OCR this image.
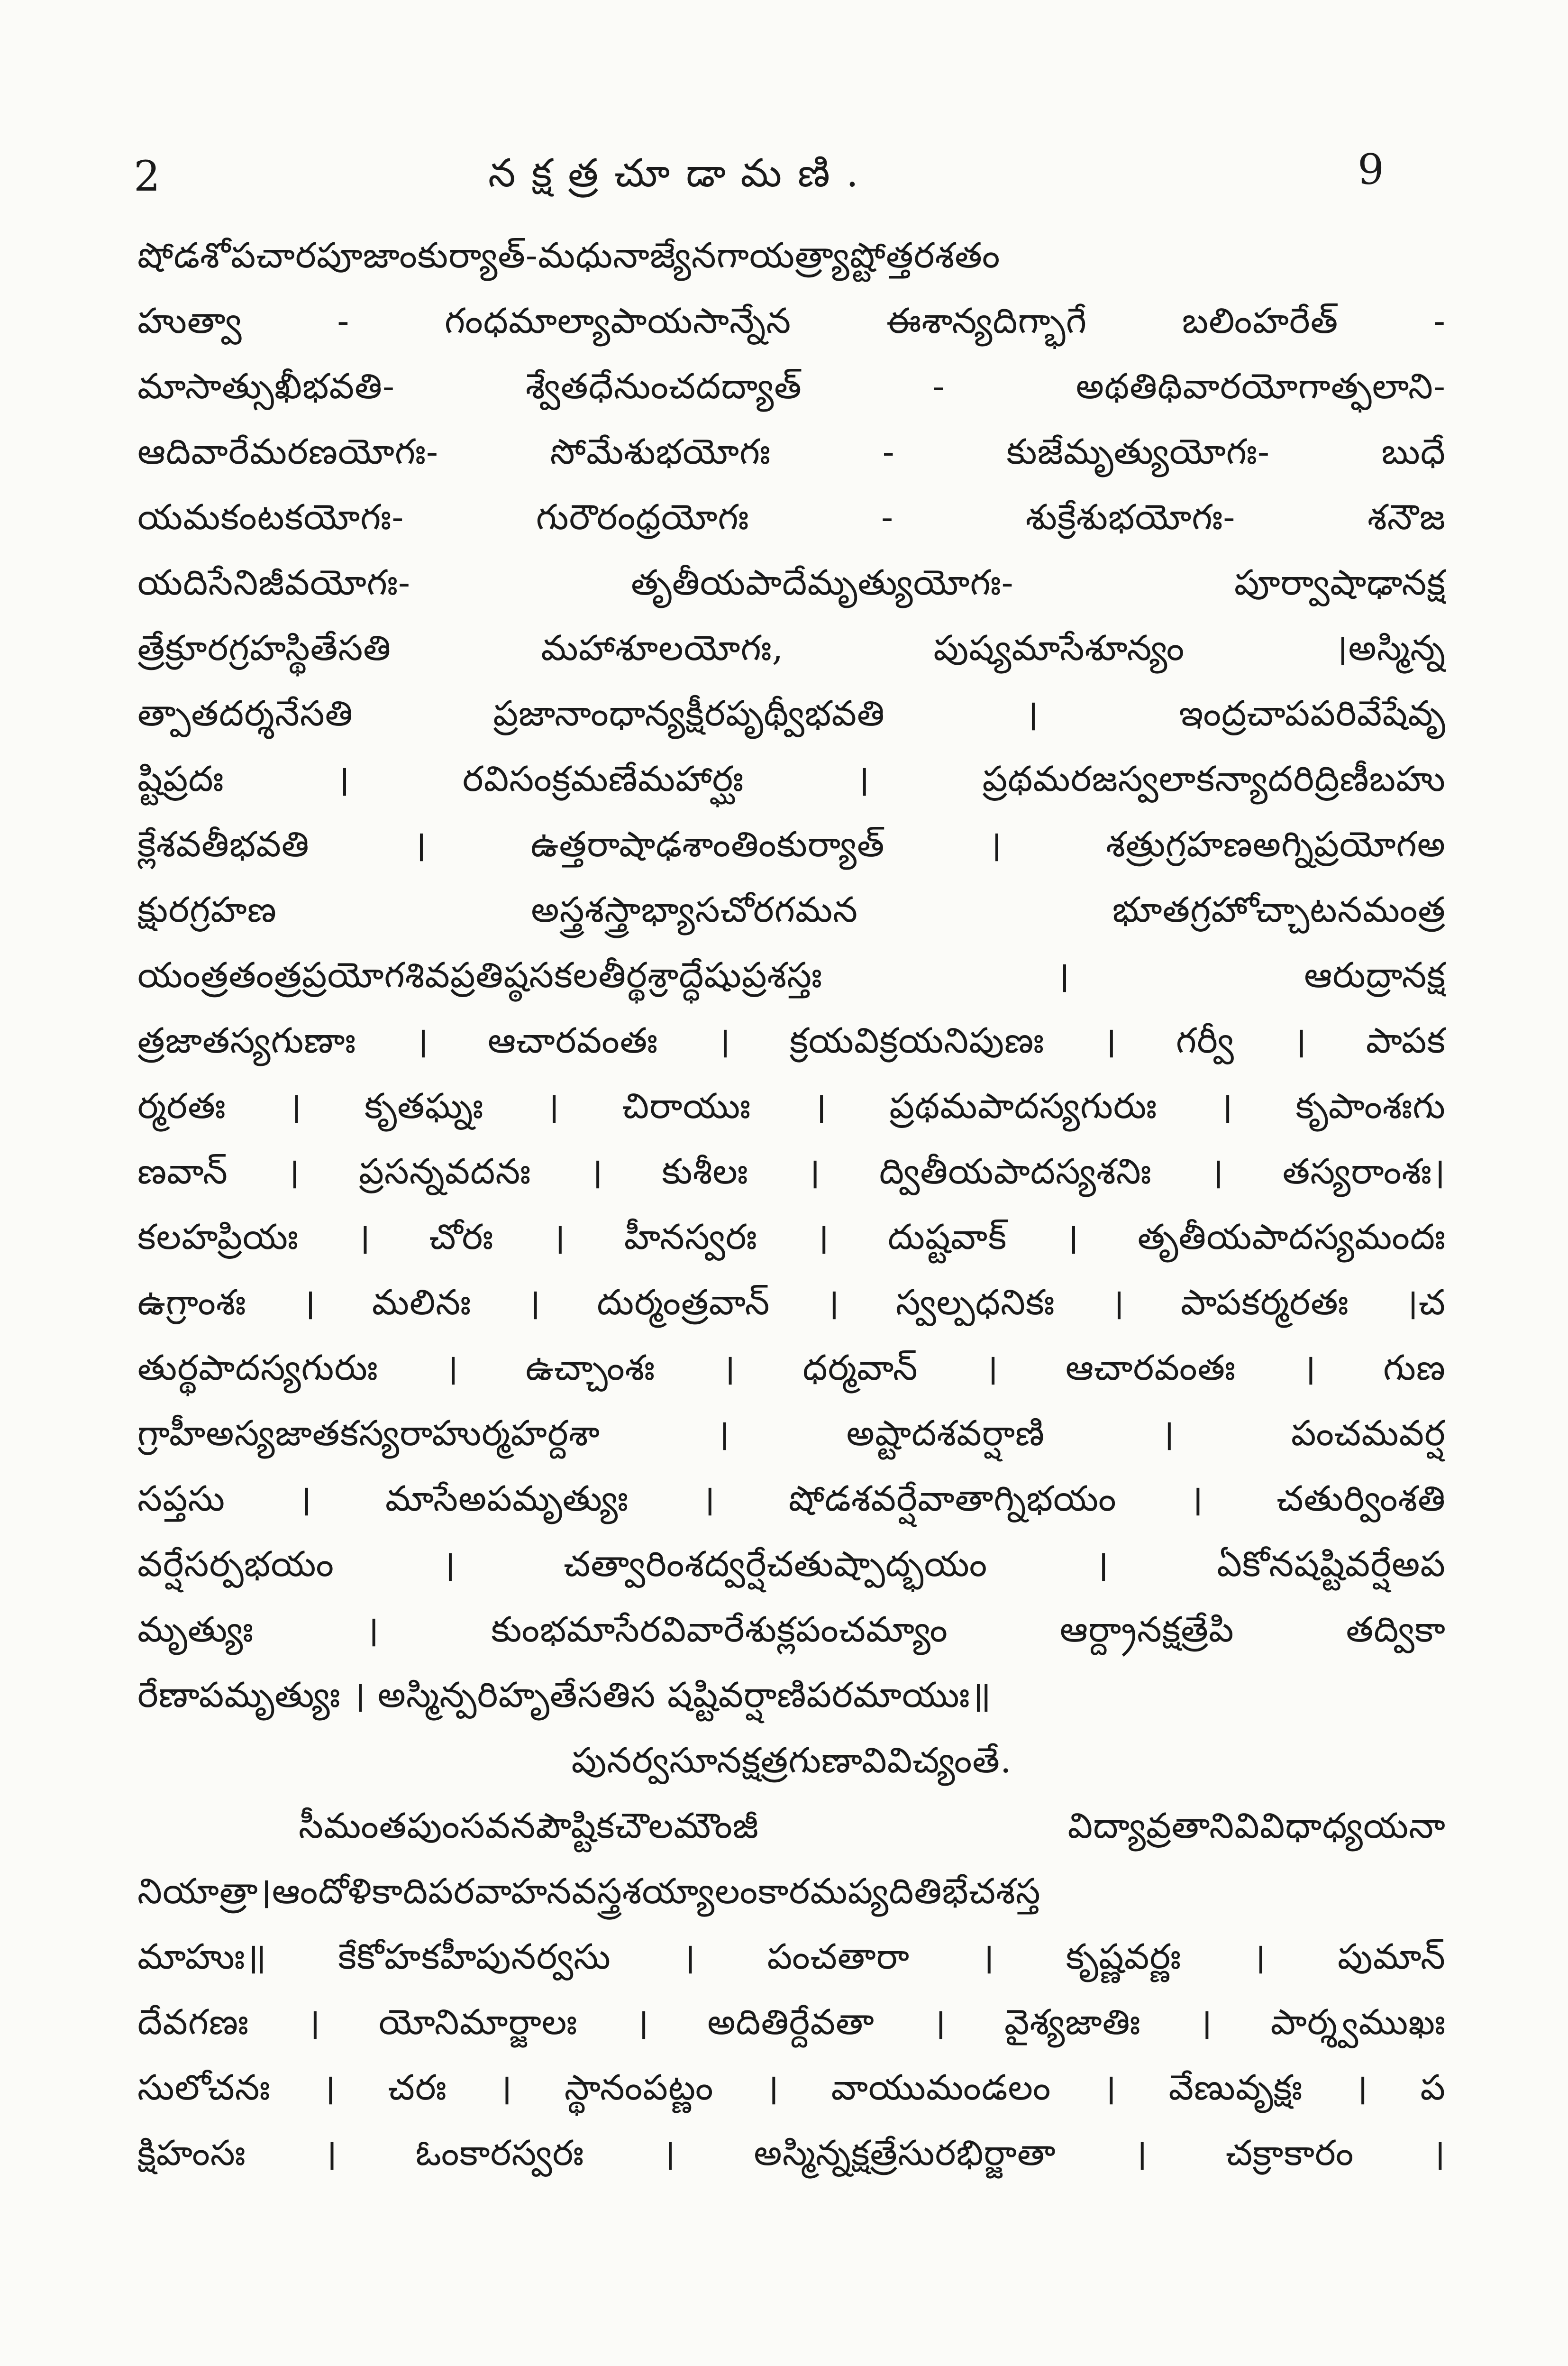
2	నక్షత్రచూడామణి.	9
షోడశోపచారపూజాంకుర్యాత్-మధునాజ్యేనగాయత్ర్యాష్టోత్తరశతం
హుత్వా - గంధమాల్యాపాయసాన్నేన ఈశాన్యదిగ్భాగే బలింహరేత్ -
మాసాత్సుఖీభవతి- శ్వేతధేనుంచదద్యాత్ - అథతిథివారయోగాత్ఫలాని-
ఆదివారేమరణయోగః- సోమేశుభయోగః - కుజేమృత్యుయోగః- బుధే
యమకంటకయోగః- గురౌరంధ్రయోగః - శుక్రేశుభయోగః- శనౌజ
యదిసేనిజీవయోగః- తృతీయపాదేమృత్యుయోగః- పూర్వాషాఢానక్ష
త్రేక్రూరగ్రహస్థితేసతి మహాశూలయోగః, పుష్యమాసేశూన్యం ।అస్మిన్న
త్పాతదర్శనేసతి ప్రజానాంధాన్యక్షీరపృథ్వీభవతి । ఇంద్రచాపపరివేషేవృ
ష్టిప్రదః । రవిసంక్రమణేమహార్ఘః । ప్రథమరజస్వలాకన్యాదరిద్రిణీబహు
క్లేశవతీభవతి । ఉత్తరాషాఢశాంతింకుర్యాత్ । శత్రుగ్రహణఅగ్నిప్రయోగఅ
క్షురగ్రహణ అస్త్రశస్త్రాభ్యాసచోరగమన భూతగ్రహోచ్చాటనమంత్ర
యంత్రతంత్రప్రయోగశివప్రతిష్ఠసకలతీర్థశ్రాద్ధేషుప్రశస్తః । ఆరుద్రానక్ష
త్రజాతస్యగుణాః । ఆచారవంతః । క్రయవిక్రయనిపుణః । గర్వీ । పాపక
ర్మరతః । కృతఘ్నః । చిరాయుః । ప్రథమపాదస్యగురుః । కృపాంశఃగు
ణవాన్ । ప్రసన్నవదనః । కుశీలః । ద్వితీయపాదస్యశనిః । తస్యరాంశః।
కలహప్రియః । చోరః । హీనస్వరః । దుష్టవాక్ । తృతీయపాదస్యమందః
ఉగ్రాంశః । మలినః । దుర్మంత్రవాన్ । స్వల్పధనికః । పాపకర్మరతః ।చ
తుర్థపాదస్యగురుః । ఉచ్చాంశః । ధర్మవాన్ । ఆచారవంతః । గుణ
గ్రాహీఅస్యజాతకస్యరాహుర్మహర్దశా । అష్టాదశవర్షాణి । పంచమవర్ష
సప్తసు । మాసేఅపమృత్యుః । షోడశవర్షేవాతాగ్నిభయం । చతుర్వింశతి
వర్షేసర్పభయం । చత్వారింశద్వర్షేచతుష్పాద్భయం । ఏకోనషష్టివర్షేఅప
మృత్యుః । కుంభమాసేరవివారేశుక్లపంచమ్యాం ఆర్ద్రానక్షత్రేపి తద్వికా
రేణాపమృత్యుః । అస్మిన్పరిహృతేసతిస షష్టివర్షాణిపరమాయుః॥
పునర్వసూనక్షత్రగుణావివిచ్యంతే.
సీమంతపుంసవనపౌష్టికచౌలమౌంజీ విద్యావ్రతానివివిధాధ్యయనా
నియాత్రా।ఆందోళికాదిపరవాహనవస్త్రశయ్యాలంకారమప్యదితిభేచశస్త
మాహుః॥ కేకోహకహీపునర్వసు । పంచతారా । కృష్ణవర్ణః । పుమాన్
దేవగణః । యోనిమార్జాలః । అదితిర్దేవతా । వైశ్యజాతిః । పార్శ్వముఖః
సులోచనః । చరః । స్థానంపట్ణం । వాయుమండలం । వేణువృక్షః । ప
క్షిహంసః । ఓంకారస్వరః । అస్మిన్నక్షత్రేసురభిర్జాతా । చక్రాకారం ।
